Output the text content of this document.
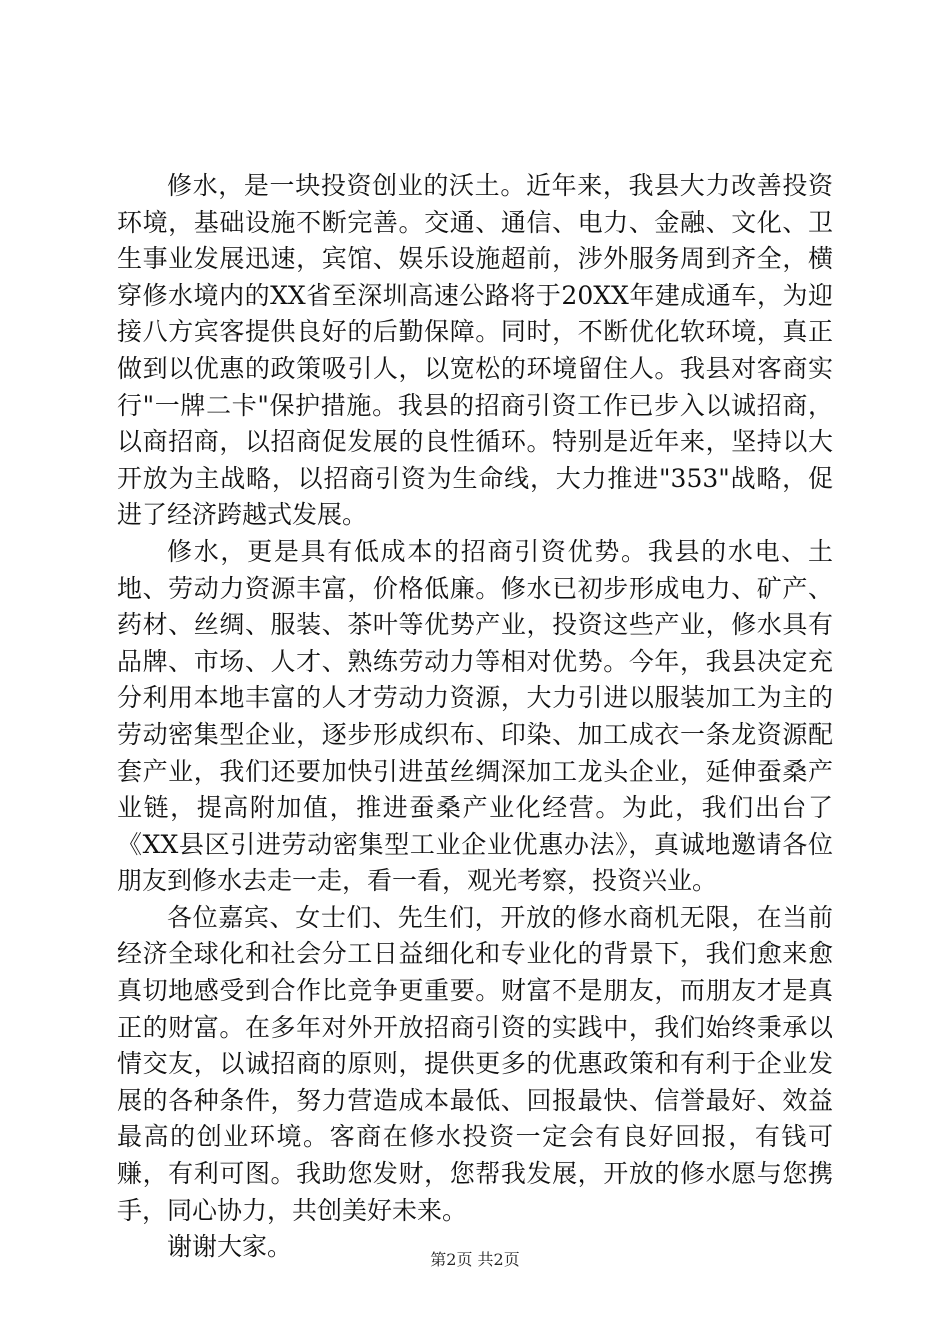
修水，是一块投资创业的沃土。近年来，我县大力改善投资环境，基础设施不断完善。交通、通信、电力、金融、文化、卫生事业发展迅速，宾馆、娱乐设施超前，涉外服务周到齐全，横穿修水境内的XX省至深圳高速公路将于20XX年建成通车，为迎接八方宾客提供良好的后勤保障。同时，不断优化软环境，真正做到以优惠的政策吸引人，以宽松的环境留住人。我县对客商实行"一牌二卡"保护措施。我县的招商引资工作已步入以诚招商，以商招商，以招商促发展的良性循环。特别是近年来，坚持以大开放为主战略，以招商引资为生命线，大力推进"353"战略，促进了经济跨越式发展。

修水，更是具有低成本的招商引资优势。我县的水电、土地、劳动力资源丰富，价格低廉。修水已初步形成电力、矿产、药材、丝绸、服装、茶叶等优势产业，投资这些产业，修水具有品牌、市场、人才、熟练劳动力等相对优势。今年，我县决定充分利用本地丰富的人才劳动力资源，大力引进以服装加工为主的劳动密集型企业，逐步形成织布、印染、加工成衣一条龙资源配套产业，我们还要加快引进茧丝绸深加工龙头企业，延伸蚕桑产业链，提高附加值，推进蚕桑产业化经营。为此，我们出台了《XX县区引进劳动密集型工业企业优惠办法》，真诚地邀请各位朋友到修水去走一走，看一看，观光考察，投资兴业。

各位嘉宾、女士们、先生们，开放的修水商机无限，在当前经济全球化和社会分工日益细化和专业化的背景下，我们愈来愈真切地感受到合作比竞争更重要。财富不是朋友，而朋友才是真正的财富。在多年对外开放招商引资的实践中，我们始终秉承以情交友，以诚招商的原则，提供更多的优惠政策和有利于企业发展的各种条件，努力营造成本最低、回报最快、信誉最好、效益最高的创业环境。客商在修水投资一定会有良好回报，有钱可赚，有利可图。我助您发财，您帮我发展，开放的修水愿与您携手，同心协力，共创美好未来。

谢谢大家。	第2页 共2页
